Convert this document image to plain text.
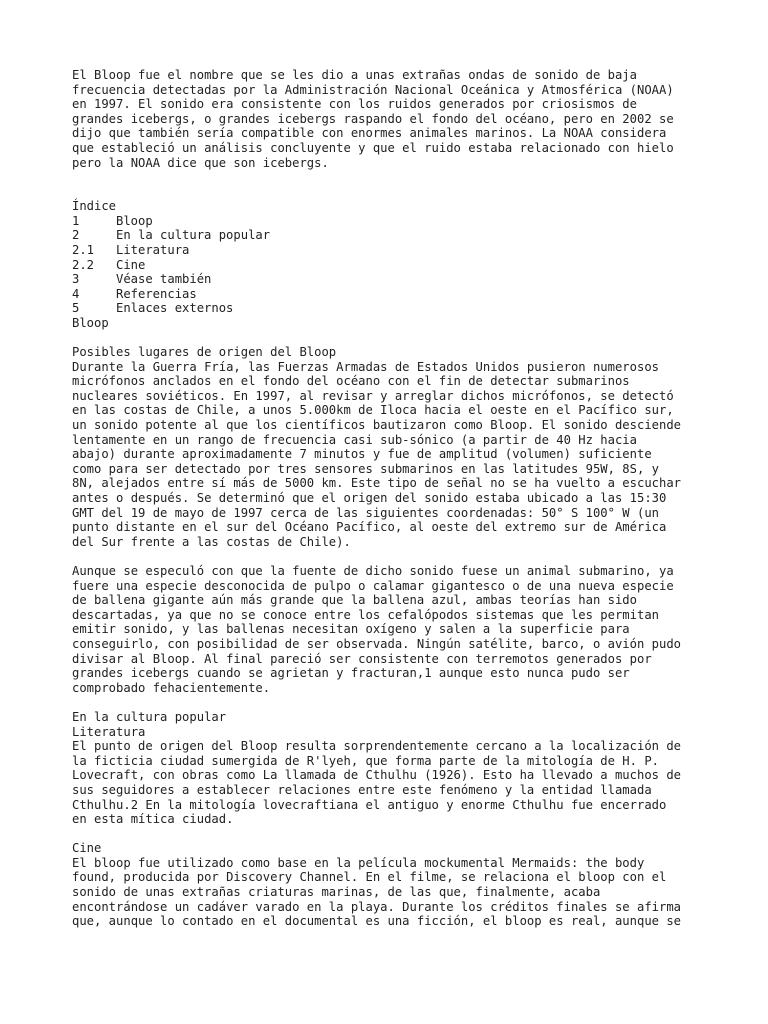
El Bloop fue el nombre que se les dio a unas extrañas ondas de sonido de baja
frecuencia detectadas por la Administración Nacional Oceánica y Atmosférica (NOAA)
en 1997. El sonido era consistente con los ruidos generados por criosismos de
grandes icebergs, o grandes icebergs raspando el fondo del océano, pero en 2002 se
dijo que también sería compatible con enormes animales marinos. La NOAA considera
que estableció un análisis concluyente y que el ruido estaba relacionado con hielo
pero la NOAA dice que son icebergs.
Índice
1	Bloop
2	En la cultura popular
2.1	Literatura
2.2	Cine
3	Véase también
4	Referencias
5	Enlaces externos
Bloop
Posibles lugares de origen del Bloop
Durante la Guerra Fría, las Fuerzas Armadas de Estados Unidos pusieron numerosos
micrófonos anclados en el fondo del océano con el fin de detectar submarinos
nucleares soviéticos. En 1997, al revisar y arreglar dichos micrófonos, se detectó
en las costas de Chile, a unos 5.000km de Iloca hacia el oeste en el Pacífico sur,
un sonido potente al que los científicos bautizaron como Bloop. El sonido desciende
lentamente en un rango de frecuencia casi sub-sónico (a partir de 40 Hz hacia
abajo) durante aproximadamente 7 minutos y fue de amplitud (volumen) suficiente
como para ser detectado por tres sensores submarinos en las latitudes 95W, 8S, y
8N, alejados entre sí más de 5000 km. Este tipo de señal no se ha vuelto a escuchar
antes o después. Se determinó que el origen del sonido estaba ubicado a las 15:30
GMT del 19 de mayo de 1997 cerca de las siguientes coordenadas: 50° S 100° W (un
punto distante en el sur del Océano Pacífico, al oeste del extremo sur de América
del Sur frente a las costas de Chile).
Aunque se especuló con que la fuente de dicho sonido fuese un animal submarino, ya
fuere una especie desconocida de pulpo o calamar gigantesco o de una nueva especie
de ballena gigante aún más grande que la ballena azul, ambas teorías han sido
descartadas, ya que no se conoce entre los cefalópodos sistemas que les permitan
emitir sonido, y las ballenas necesitan oxígeno y salen a la superficie para
conseguirlo, con posibilidad de ser observada. Ningún satélite, barco, o avión pudo
divisar al Bloop. Al final pareció ser consistente con terremotos generados por
grandes icebergs cuando se agrietan y fracturan,1 aunque esto nunca pudo ser
comprobado fehacientemente.
En la cultura popular
Literatura
El punto de origen del Bloop resulta sorprendentemente cercano a la localización de
la ficticia ciudad sumergida de R'lyeh, que forma parte de la mitología de H. P.
Lovecraft, con obras como La llamada de Cthulhu (1926). Esto ha llevado a muchos de
sus seguidores a establecer relaciones entre este fenómeno y la entidad llamada
Cthulhu.2 En la mitología lovecraftiana el antiguo y enorme Cthulhu fue encerrado
en esta mítica ciudad.
Cine
El bloop fue utilizado como base en la película mockumental Mermaids: the body
found, producida por Discovery Channel. En el filme, se relaciona el bloop con el
sonido de unas extrañas criaturas marinas, de las que, finalmente, acaba
encontrándose un cadáver varado en la playa. Durante los créditos finales se afirma
que, aunque lo contado en el documental es una ficción, el bloop es real, aunque se
